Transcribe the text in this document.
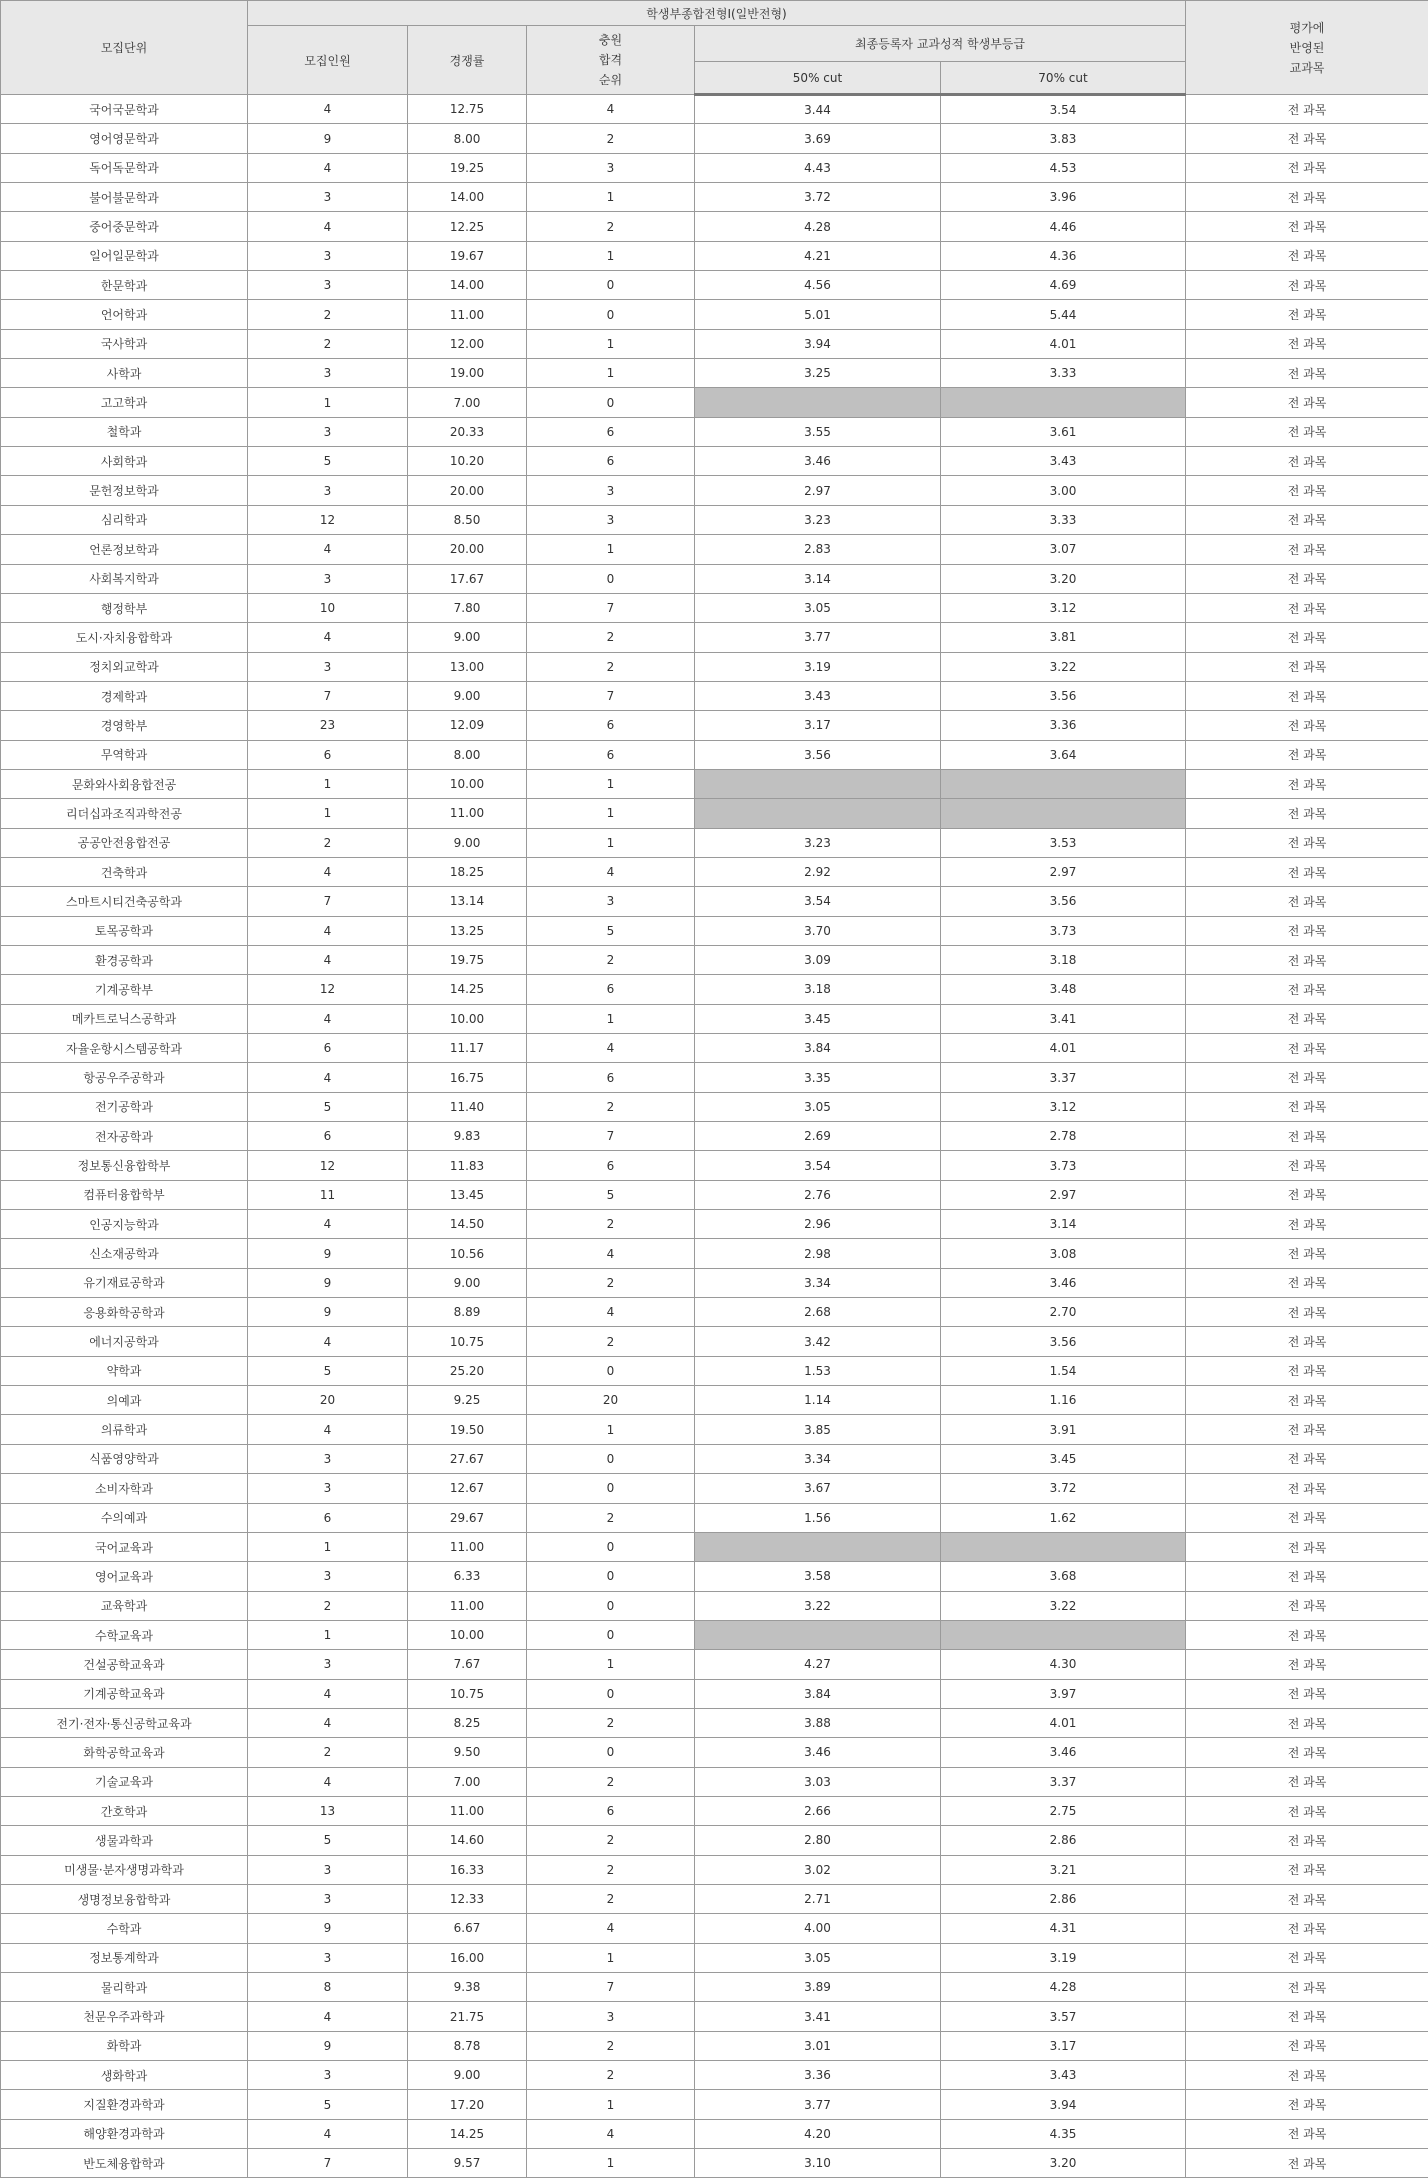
모집단위	학생부종합전형Ⅰ(일반전형)					평가에
반영된
교과목

	모집인원	경쟁률	충원
합격
순위	최종등록자 교과성적 학생부등급		
				50% cut	70% cut	
국어국문학과	4	12.75	4	3.44	3.54	전 과목
영어영문학과	9	8.00	2	3.69	3.83	전 과목
독어독문학과	4	19.25	3	4.43	4.53	전 과목
불어불문학과	3	14.00	1	3.72	3.96	전 과목
중어중문학과	4	12.25	2	4.28	4.46	전 과목
일어일문학과	3	19.67	1	4.21	4.36	전 과목
한문학과	3	14.00	0	4.56	4.69	전 과목
언어학과	2	11.00	0	5.01	5.44	전 과목
국사학과	2	12.00	1	3.94	4.01	전 과목
사학과	3	19.00	1	3.25	3.33	전 과목
고고학과	1	7.00	0			전 과목
철학과	3	20.33	6	3.55	3.61	전 과목
사회학과	5	10.20	6	3.46	3.43	전 과목
문헌정보학과	3	20.00	3	2.97	3.00	전 과목
심리학과	12	8.50	3	3.23	3.33	전 과목
언론정보학과	4	20.00	1	2.83	3.07	전 과목
사회복지학과	3	17.67	0	3.14	3.20	전 과목
행정학부	10	7.80	7	3.05	3.12	전 과목
도시·자치융합학과	4	9.00	2	3.77	3.81	전 과목
정치외교학과	3	13.00	2	3.19	3.22	전 과목
경제학과	7	9.00	7	3.43	3.56	전 과목
경영학부	23	12.09	6	3.17	3.36	전 과목
무역학과	6	8.00	6	3.56	3.64	전 과목
문화와사회융합전공	1	10.00	1			전 과목
리더십과조직과학전공	1	11.00	1			전 과목
공공안전융합전공	2	9.00	1	3.23	3.53	전 과목
건축학과	4	18.25	4	2.92	2.97	전 과목
스마트시티건축공학과	7	13.14	3	3.54	3.56	전 과목
토목공학과	4	13.25	5	3.70	3.73	전 과목
환경공학과	4	19.75	2	3.09	3.18	전 과목
기계공학부	12	14.25	6	3.18	3.48	전 과목
메카트로닉스공학과	4	10.00	1	3.45	3.41	전 과목
자율운항시스템공학과	6	11.17	4	3.84	4.01	전 과목
항공우주공학과	4	16.75	6	3.35	3.37	전 과목
전기공학과	5	11.40	2	3.05	3.12	전 과목
전자공학과	6	9.83	7	2.69	2.78	전 과목
정보통신융합학부	12	11.83	6	3.54	3.73	전 과목
컴퓨터융합학부	11	13.45	5	2.76	2.97	전 과목
인공지능학과	4	14.50	2	2.96	3.14	전 과목
신소재공학과	9	10.56	4	2.98	3.08	전 과목
유기재료공학과	9	9.00	2	3.34	3.46	전 과목
응용화학공학과	9	8.89	4	2.68	2.70	전 과목
에너지공학과	4	10.75	2	3.42	3.56	전 과목
약학과	5	25.20	0	1.53	1.54	전 과목
의예과	20	9.25	20	1.14	1.16	전 과목
의류학과	4	19.50	1	3.85	3.91	전 과목
식품영양학과	3	27.67	0	3.34	3.45	전 과목
소비자학과	3	12.67	0	3.67	3.72	전 과목
수의예과	6	29.67	2	1.56	1.62	전 과목
국어교육과	1	11.00	0			전 과목
영어교육과	3	6.33	0	3.58	3.68	전 과목
교육학과	2	11.00	0	3.22	3.22	전 과목
수학교육과	1	10.00	0			전 과목
건설공학교육과	3	7.67	1	4.27	4.30	전 과목
기계공학교육과	4	10.75	0	3.84	3.97	전 과목
전기·전자·통신공학교육과	4	8.25	2	3.88	4.01	전 과목
화학공학교육과	2	9.50	0	3.46	3.46	전 과목
기술교육과	4	7.00	2	3.03	3.37	전 과목
간호학과	13	11.00	6	2.66	2.75	전 과목
생물과학과	5	14.60	2	2.80	2.86	전 과목
미생물·분자생명과학과	3	16.33	2	3.02	3.21	전 과목
생명정보융합학과	3	12.33	2	2.71	2.86	전 과목
수학과	9	6.67	4	4.00	4.31	전 과목
정보통계학과	3	16.00	1	3.05	3.19	전 과목
물리학과	8	9.38	7	3.89	4.28	전 과목
천문우주과학과	4	21.75	3	3.41	3.57	전 과목
화학과	9	8.78	2	3.01	3.17	전 과목
생화학과	3	9.00	2	3.36	3.43	전 과목
지질환경과학과	5	17.20	1	3.77	3.94	전 과목
해양환경과학과	4	14.25	4	4.20	4.35	전 과목
반도체융합학과	7	9.57	1	3.10	3.20	전 과목
